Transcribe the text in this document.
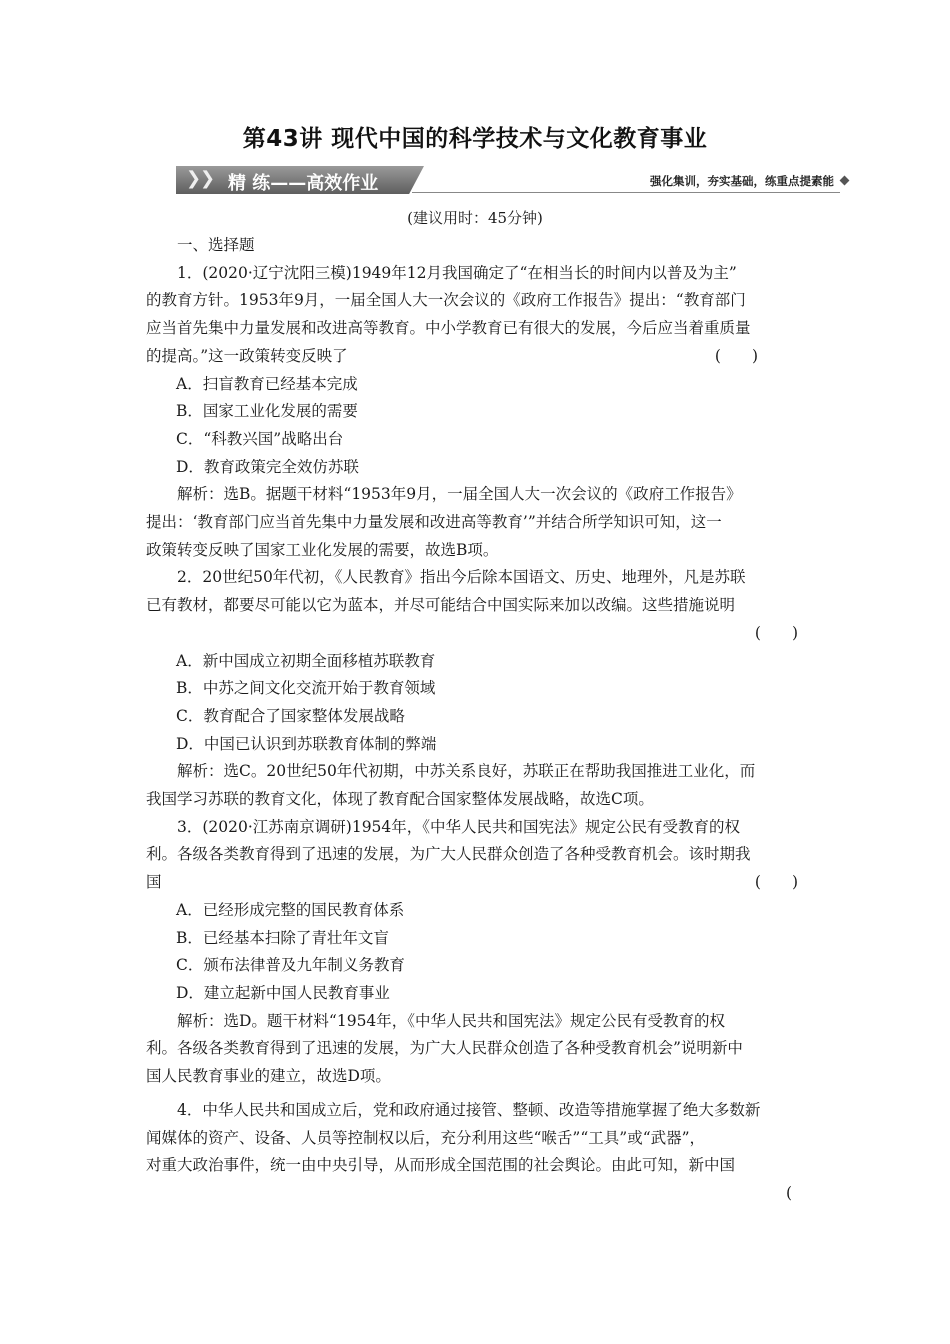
第43讲 现代中国的科学技术与文化教育事业
❯
❯ 精 练——高效作业	强化集训，夯实基础，练重点提素能
(建议用时：45分钟)

一、选择题

1．(2020·辽宁沈阳三模)1949年12月我国确定了“在相当长的时间内以普及为主”

的教育方针。1953年9月，一届全国人大一次会议的《政府工作报告》提出：“教育部门

应当首先集中力量发展和改进高等教育。中小学教育已有很大的发展，今后应当着重质量

的提高。”这一政策转变反映了	(　　)

A．扫盲教育已经基本完成

B．国家工业化发展的需要

C．“科教兴国”战略出台

D．教育政策完全效仿苏联

解析：选B。据题干材料“1953年9月，一届全国人大一次会议的《政府工作报告》

提出：‘教育部门应当首先集中力量发展和改进高等教育’”并结合所学知识可知，这一

政策转变反映了国家工业化发展的需要，故选B项。

2．20世纪50年代初，《人民教育》指出今后除本国语文、历史、地理外，凡是苏联

已有教材，都要尽可能以它为蓝本，并尽可能结合中国实际来加以改编。这些措施说明

(　　)

A．新中国成立初期全面移植苏联教育

B．中苏之间文化交流开始于教育领域

C．教育配合了国家整体发展战略

D．中国已认识到苏联教育体制的弊端

解析：选C。20世纪50年代初期，中苏关系良好，苏联正在帮助我国推进工业化，而

我国学习苏联的教育文化，体现了教育配合国家整体发展战略，故选C项。

3．(2020·江苏南京调研)1954年，《中华人民共和国宪法》规定公民有受教育的权

利。各级各类教育得到了迅速的发展，为广大人民群众创造了各种受教育机会。该时期我

国	(　　)

A．已经形成完整的国民教育体系

B．已经基本扫除了青壮年文盲

C．颁布法律普及九年制义务教育

D．建立起新中国人民教育事业

解析：选D。题干材料“1954年，《中华人民共和国宪法》规定公民有受教育的权

利。各级各类教育得到了迅速的发展，为广大人民群众创造了各种受教育机会”说明新中

国人民教育事业的建立，故选D项。

4．中华人民共和国成立后，党和政府通过接管、整顿、改造等措施掌握了绝大多数新

闻媒体的资产、设备、人员等控制权以后，充分利用这些“喉舌”“工具”或“武器”，

对重大政治事件，统一由中央引导，从而形成全国范围的社会舆论。由此可知，新中国

(
